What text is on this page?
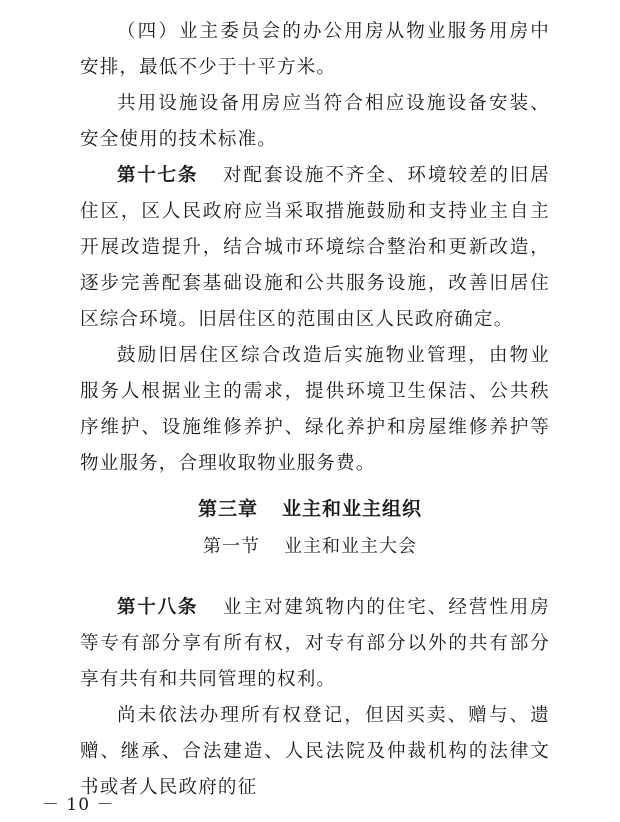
（四）业主委员会的办公用房从物业服务用房中安排，最低不少于十平方米。

共用设施设备用房应当符合相应设施设备安装、安全使用的技术标准。

第十七条 对配套设施不齐全、环境较差的旧居住区，区人民政府应当采取措施鼓励和支持业主自主开展改造提升，结合城市环境综合整治和更新改造，逐步完善配套基础设施和公共服务设施，改善旧居住区综合环境。旧居住区的范围由区人民政府确定。

鼓励旧居住区综合改造后实施物业管理，由物业服务人根据业主的需求，提供环境卫生保洁、公共秩序维护、设施维修养护、绿化养护和房屋维修养护等物业服务，合理收取物业服务费。

第三章 业主和业主组织
第一节 业主和业主大会

第十八条 业主对建筑物内的住宅、经营性用房等专有部分享有所有权，对专有部分以外的共有部分享有共有和共同管理的权利。

尚未依法办理所有权登记，但因买卖、赠与、遗赠、继承、合法建造、人民法院及仲裁机构的法律文书或者人民政府的征

－ 10 －
